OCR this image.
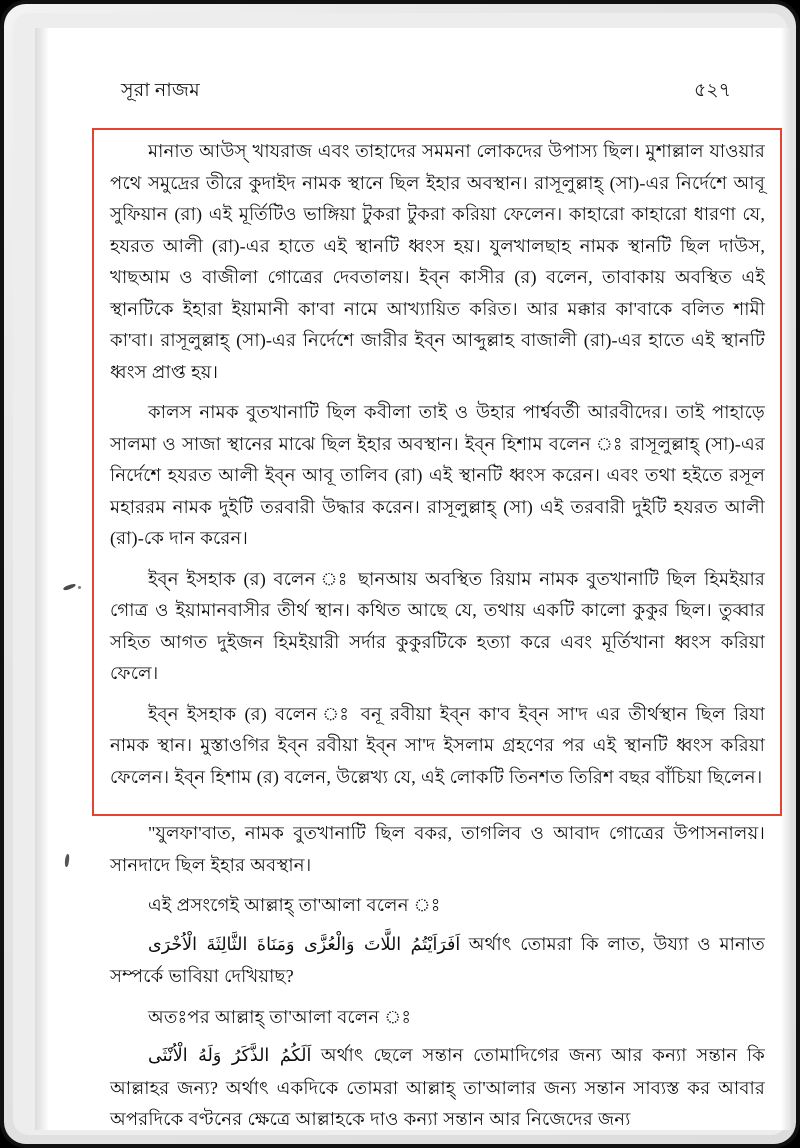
সূরা নাজম	৫২৭

মানাত আউস্ খাযরাজ এবং তাহাদের সমমনা লোকদের উপাস্য ছিল। মুশাল্লাল যাওয়ার পথে সমুদ্রের তীরে কুদাইদ নামক স্থানে ছিল ইহার অবস্থান। রাসূলুল্লাহ্ (সা)-এর নির্দেশে আবূ সুফিয়ান (রা) এই মূর্তিটিও ভাঙ্গিয়া টুকরা টুকরা করিয়া ফেলেন। কাহারো কাহারো ধারণা যে, হযরত আলী (রা)-এর হাতে এই স্থানটি ধ্বংস হয়। যুলখালছাহ নামক স্থানটি ছিল দাউস, খাছআম ও বাজীলা গোত্রের দেবতালয়। ইব্‌ন কাসীর (র) বলেন, তাবাকায় অবস্থিত এই স্থানটিকে ইহারা ইয়ামানী কা'বা নামে আখ্যায়িত করিত। আর মক্কার কা'বাকে বলিত শামী কা'বা। রাসূলুল্লাহ্ (সা)-এর নির্দেশে জারীর ইব্‌ন আব্দুল্লাহ বাজালী (রা)-এর হাতে এই স্থানটি ধ্বংস প্রাপ্ত হয়।

কালস নামক বুতখানাটি ছিল কবীলা তাই ও উহার পার্শ্ববর্তী আরবীদের। তাই পাহাড়ে সালমা ও সাজা স্থানের মাঝে ছিল ইহার অবস্থান। ইব্‌ন হিশাম বলেন ঃ রাসূলুল্লাহ্ (সা)-এর নির্দেশে হযরত আলী ইব্‌ন আবূ তালিব (রা) এই স্থানটি ধ্বংস করেন। এবং তথা হইতে রসূল মহাররম নামক দুইটি তরবারী উদ্ধার করেন। রাসূলুল্লাহ্ (সা) এই তরবারী দুইটি হযরত আলী (রা)-কে দান করেন।

ইব্‌ন ইসহাক (র) বলেন ঃ ছানআয় অবস্থিত রিয়াম নামক বুতখানাটি ছিল হিমইয়ার গোত্র ও ইয়ামানবাসীর তীর্থ স্থান। কথিত আছে যে, তথায় একটি কালো কুকুর ছিল। তুব্বার সহিত আগত দুইজন হিমইয়ারী সর্দার কুকুরটিকে হত্যা করে এবং মূর্তিখানা ধ্বংস করিয়া ফেলে।

ইব্‌ন ইসহাক (র) বলেন ঃ বনূ রবীয়া ইব্‌ন কা'ব ইব্‌ন সা'দ এর তীর্থস্থান ছিল রিযা নামক স্থান। মুস্তাওগির ইব্‌ন রবীয়া ইব্‌ন সা'দ ইসলাম গ্রহণের পর এই স্থানটি ধ্বংস করিয়া ফেলেন। ইব্‌ন হিশাম (র) বলেন, উল্লেখ্য যে, এই লোকটি তিনশত তিরিশ বছর বাঁচিয়া ছিলেন।

"যুলফা'বাত, নামক বুতখানাটি ছিল বকর, তাগলিব ও আবাদ গোত্রের উপাসনালয়। সানদাদে ছিল ইহার অবস্থান।

এই প্রসংগেই আল্লাহ্ তা'আলা বলেন ঃ

اَفَرَاَيْتُمُ اللَّاتَ وَالْعُزَّى وَمَنَاةَ الثَّالِثَةَ الْاُخْرَى অর্থাৎ তোমরা কি লাত, উয্যা ও মানাত সম্পর্কে ভাবিয়া দেখিয়াছ?

অতঃপর আল্লাহ্ তা'আলা বলেন ঃ

اَلَكُمُ الذَّكَرُ وَلَهُ الْاُنْثَى অর্থাৎ ছেলে সন্তান তোমাদিগের জন্য আর কন্যা সন্তান কি আল্লাহর জন্য? অর্থাৎ একদিকে তোমরা আল্লাহ্ তা'আলার জন্য সন্তান সাব্যস্ত কর আবার অপরদিকে বণ্টনের ক্ষেত্রে আল্লাহকে দাও কন্যা সন্তান আর নিজেদের জন্য
